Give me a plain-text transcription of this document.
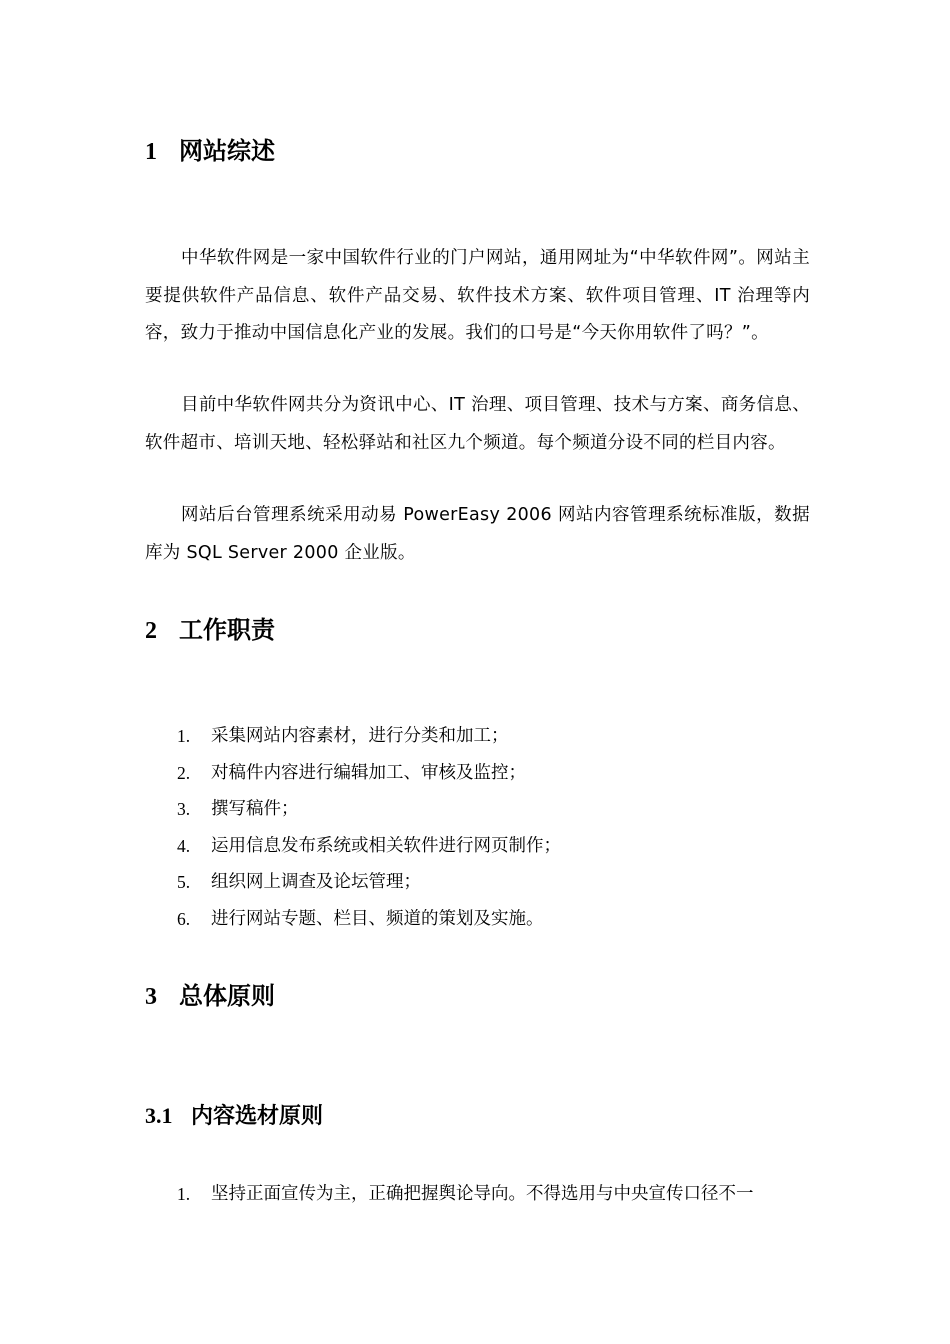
1 网站综述
中华软件网是一家中国软件行业的门户网站，通用网址为“中华软件网”。网站主要提供软件产品信息、软件产品交易、软件技术方案、软件项目管理、IT 治理等内容，致力于推动中国信息化产业的发展。我们的口号是“今天你用软件了吗？”。
目前中华软件网共分为资讯中心、IT 治理、项目管理、技术与方案、商务信息、软件超市、培训天地、轻松驿站和社区九个频道。每个频道分设不同的栏目内容。
网站后台管理系统采用动易 PowerEasy 2006 网站内容管理系统标准版，数据库为 SQL Server 2000 企业版。
2 工作职责
1.	采集网站内容素材，进行分类和加工；
2.	对稿件内容进行编辑加工、审核及监控；
3.	撰写稿件；
4.	运用信息发布系统或相关软件进行网页制作；
5.	组织网上调查及论坛管理；
6.	进行网站专题、栏目、频道的策划及实施。
3 总体原则
3.1 内容选材原则
1.	坚持正面宣传为主，正确把握舆论导向。不得选用与中央宣传口径不一
